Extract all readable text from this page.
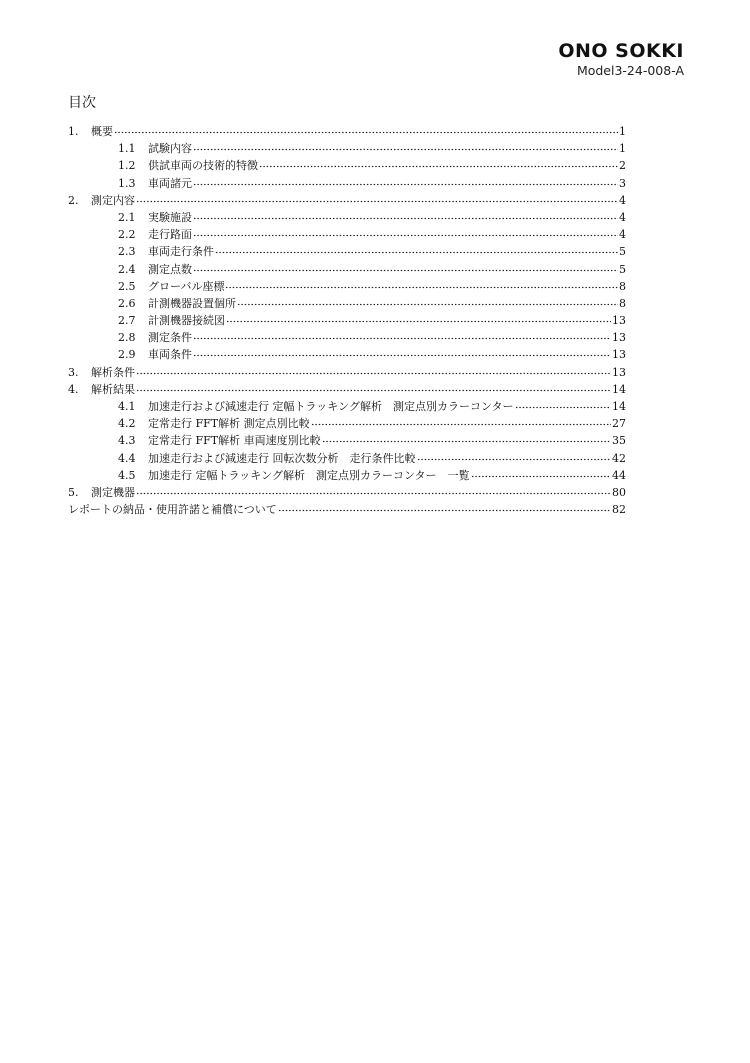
ONO SOKKI
Model3-24-008-A
目次
1.	概要	1
1.1	試験内容	1
1.2	供試車両の技術的特徴	2
1.3	車両諸元	3
2.	測定内容	4
2.1	実験施設	4
2.2	走行路面	4
2.3	車両走行条件	5
2.4	測定点数	5
2.5	グローバル座標	8
2.6	計測機器設置個所	8
2.7	計測機器接続図	13
2.8	測定条件	13
2.9	車両条件	13
3.	解析条件	13
4.	解析結果	14
4.1	加速走行および減速走行 定幅トラッキング解析　測定点別カラーコンター	14
4.2	定常走行 FFT解析 測定点別比較	27
4.3	定常走行 FFT解析 車両速度別比較	35
4.4	加速走行および減速走行 回転次数分析　走行条件比較	42
4.5	加速走行 定幅トラッキング解析　測定点別カラーコンター　一覧	44
5.	測定機器	80
レポートの納品・使用許諾と補償について	82
